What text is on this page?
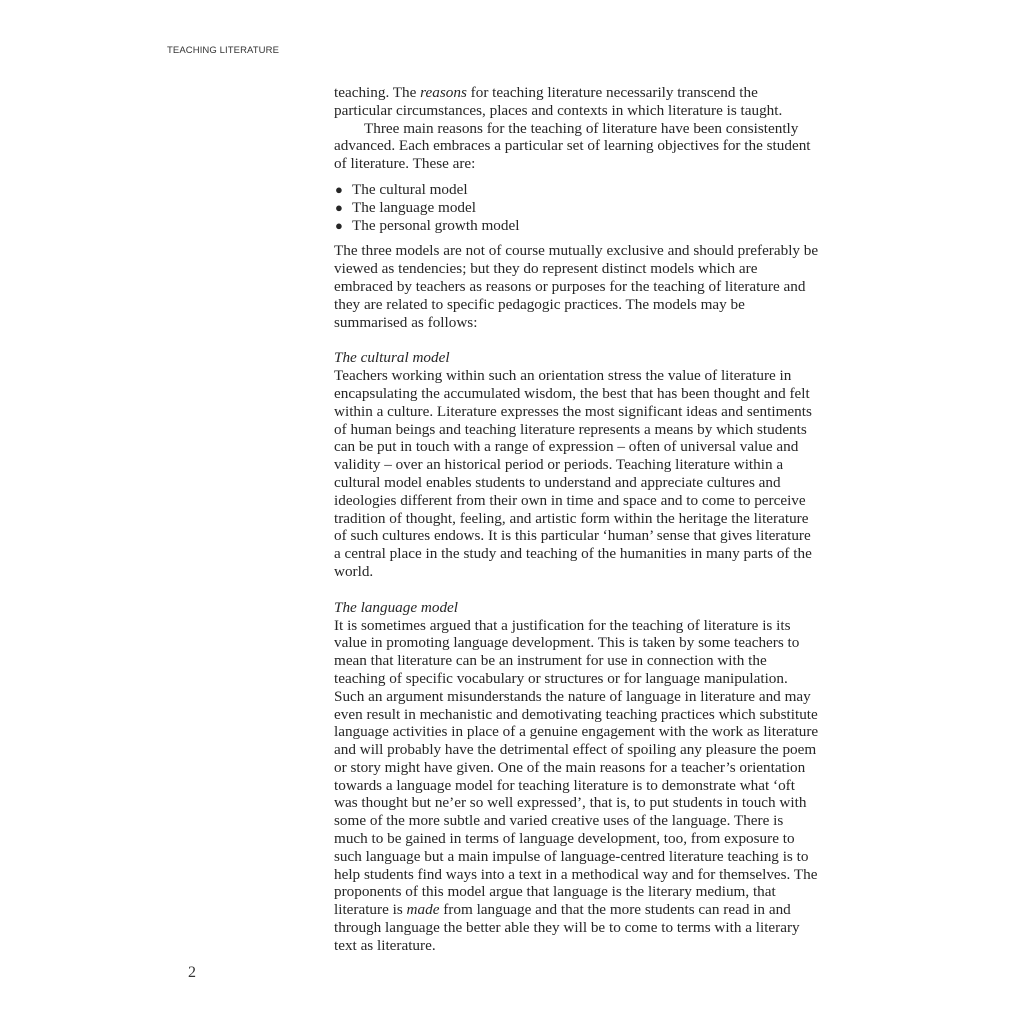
TEACHING LITERATURE
teaching. The reasons for teaching literature necessarily transcend the
particular circumstances, places and contexts in which literature is taught.
Three main reasons for the teaching of literature have been consistently
advanced. Each embraces a particular set of learning objectives for the student
of literature. These are:
● The cultural model
● The language model
● The personal growth model
The three models are not of course mutually exclusive and should preferably be
viewed as tendencies; but they do represent distinct models which are
embraced by teachers as reasons or purposes for the teaching of literature and
they are related to specific pedagogic practices. The models may be
summarised as follows:
The cultural model
Teachers working within such an orientation stress the value of literature in
encapsulating the accumulated wisdom, the best that has been thought and felt
within a culture. Literature expresses the most significant ideas and sentiments
of human beings and teaching literature represents a means by which students
can be put in touch with a range of expression – often of universal value and
validity – over an historical period or periods. Teaching literature within a
cultural model enables students to understand and appreciate cultures and
ideologies different from their own in time and space and to come to perceive
tradition of thought, feeling, and artistic form within the heritage the literature
of such cultures endows. It is this particular ‘human’ sense that gives literature
a central place in the study and teaching of the humanities in many parts of the
world.
The language model
It is sometimes argued that a justification for the teaching of literature is its
value in promoting language development. This is taken by some teachers to
mean that literature can be an instrument for use in connection with the
teaching of specific vocabulary or structures or for language manipulation.
Such an argument misunderstands the nature of language in literature and may
even result in mechanistic and demotivating teaching practices which substitute
language activities in place of a genuine engagement with the work as literature
and will probably have the detrimental effect of spoiling any pleasure the poem
or story might have given. One of the main reasons for a teacher’s orientation
towards a language model for teaching literature is to demonstrate what ‘oft
was thought but ne’er so well expressed’, that is, to put students in touch with
some of the more subtle and varied creative uses of the language. There is
much to be gained in terms of language development, too, from exposure to
such language but a main impulse of language-centred literature teaching is to
help students find ways into a text in a methodical way and for themselves. The
proponents of this model argue that language is the literary medium, that
literature is made from language and that the more students can read in and
through language the better able they will be to come to terms with a literary
text as literature.
2
